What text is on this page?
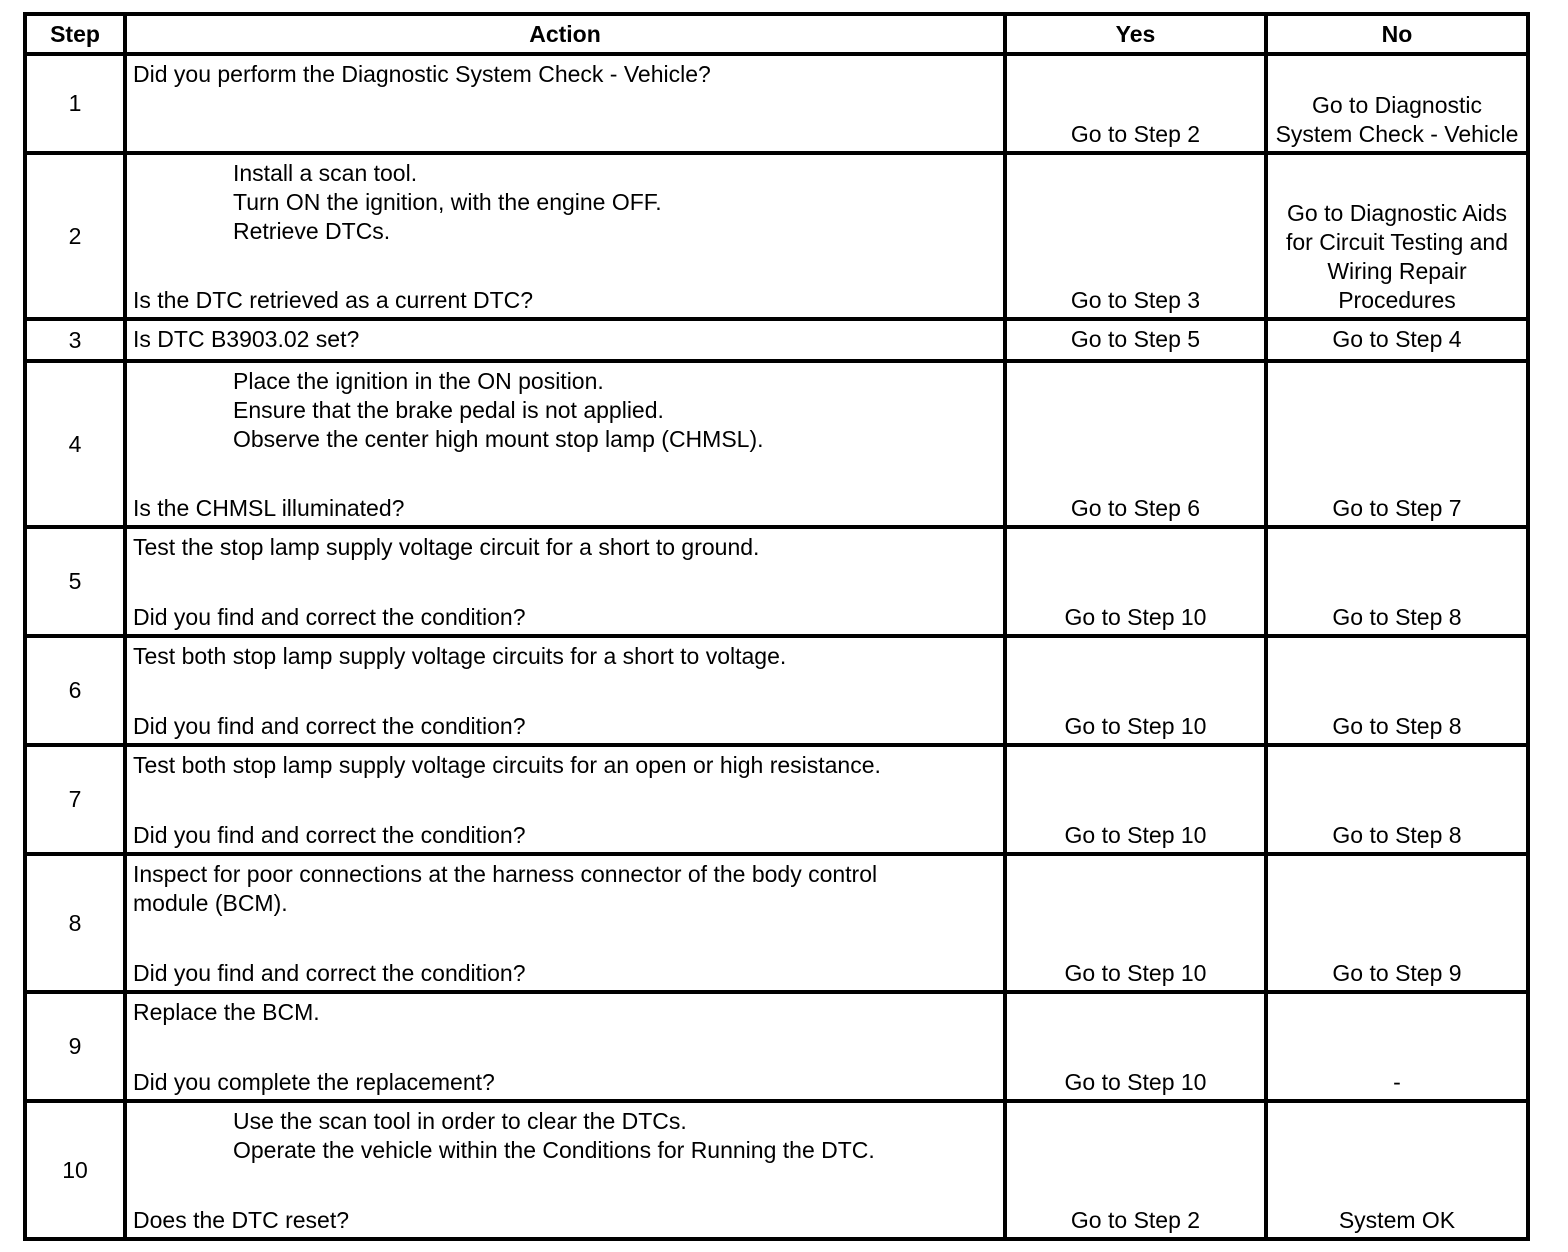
Step	Action	Yes	No
1	Did you perform the Diagnostic System Check - Vehicle?	Go to Step 2	Go to Diagnostic System Check - Vehicle
2	Install a scan tool.
Turn ON the ignition, with the engine OFF.
Retrieve DTCs.
Is the DTC retrieved as a current DTC?	Go to Step 3	Go to Diagnostic Aids for Circuit Testing and Wiring Repair Procedures
3	Is DTC B3903.02 set?	Go to Step 5	Go to Step 4
4	Place the ignition in the ON position.
Ensure that the brake pedal is not applied.
Observe the center high mount stop lamp (CHMSL).
Is the CHMSL illuminated?	Go to Step 6	Go to Step 7
5	Test the stop lamp supply voltage circuit for a short to ground.
Did you find and correct the condition?	Go to Step 10	Go to Step 8
6	Test both stop lamp supply voltage circuits for a short to voltage.
Did you find and correct the condition?	Go to Step 10	Go to Step 8
7	Test both stop lamp supply voltage circuits for an open or high resistance.
Did you find and correct the condition?	Go to Step 10	Go to Step 8
8	Inspect for poor connections at the harness connector of the body control
module (BCM).
Did you find and correct the condition?	Go to Step 10	Go to Step 9
9	Replace the BCM.
Did you complete the replacement?	Go to Step 10	-
10	Use the scan tool in order to clear the DTCs.
Operate the vehicle within the Conditions for Running the DTC.
Does the DTC reset?	Go to Step 2	System OK
